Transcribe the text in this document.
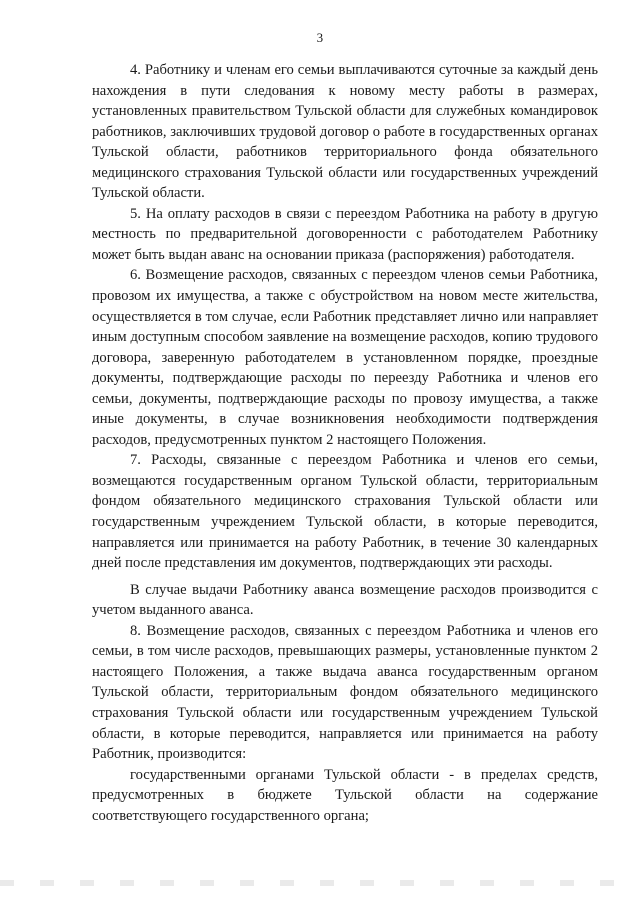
3

4. Работнику и членам его семьи выплачиваются суточные за каждый день нахождения в пути следования к новому месту работы в размерах, установленных правительством Тульской области для служебных командировок работников, заключивших трудовой договор о работе в государственных органах Тульской области, работников территориального фонда обязательного медицинского страхования Тульской области или государственных учреждений Тульской области.

5. На оплату расходов в связи с переездом Работника на работу в другую местность по предварительной договоренности с работодателем Работнику может быть выдан аванс на основании приказа (распоряжения) работодателя.

6. Возмещение расходов, связанных с переездом членов семьи Работника, провозом их имущества, а также с обустройством на новом месте жительства, осуществляется в том случае, если Работник представляет лично или направляет иным доступным способом заявление на возмещение расходов, копию трудового договора, заверенную работодателем в установленном порядке, проездные документы, подтверждающие расходы по переезду Работника и членов его семьи, документы, подтверждающие расходы по провозу имущества, а также иные документы, в случае возникновения необходимости подтверждения расходов, предусмотренных пунктом 2 настоящего Положения.

7. Расходы, связанные с переездом Работника и членов его семьи, возмещаются государственным органом Тульской области, территориальным фондом обязательного медицинского страхования Тульской области или государственным учреждением Тульской области, в которые переводится, направляется или принимается на работу Работник, в течение 30 календарных дней после представления им документов, подтверждающих эти расходы.

В случае выдачи Работнику аванса возмещение расходов производится с учетом выданного аванса.

8. Возмещение расходов, связанных с переездом Работника и членов его семьи, в том числе расходов, превышающих размеры, установленные пунктом 2 настоящего Положения, а также выдача аванса государственным органом Тульской области, территориальным фондом обязательного медицинского страхования Тульской области или государственным учреждением Тульской области, в которые переводится, направляется или принимается на работу Работник, производится:

государственными органами Тульской области - в пределах средств, предусмотренных в бюджете Тульской области на содержание соответствующего государственного органа;
